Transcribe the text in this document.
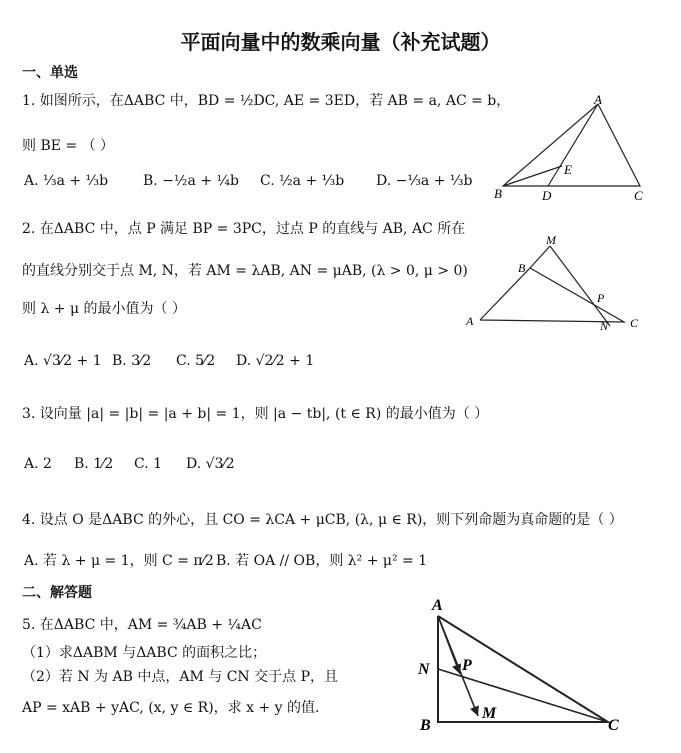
平面向量中的数乘向量（补充试题）
一、单选
1. 如图所示，在ΔABC 中，BD = ½DC, AE = 3ED，若 AB = a, AC = b，
则 BE = （ ）
A. ⅓a + ⅓b B. −½a + ¼b C. ½a + ⅓b D. −⅓a + ⅓b
A
B	D
E
C
2. 在ΔABC 中，点 P 满足 BP = 3PC，过点 P 的直线与 AB, AC 所在
的直线分别交于点 M, N，若 AM = λAB, AN = μAB, (λ > 0, μ > 0)
则 λ + μ 的最小值为（ ）
A. √3⁄2 + 1 B. 3⁄2 C. 5⁄2 D. √2⁄2 + 1
M
B
P
A	N C
3. 设向量 |a| = |b| = |a + b| = 1，则 |a − tb|, (t ∈ R) 的最小值为（ ）
A. 2 B. 1⁄2 C. 1 D. √3⁄2
4. 设点 O 是ΔABC 的外心，且 CO = λCA + μCB, (λ, μ ∈ R)，则下列命题为真命题的是（ ）
A. 若 λ + μ = 1，则 C = π⁄2 B. 若 OA // OB，则 λ² + μ² = 1
二、解答题
5. 在ΔABC 中，AM = ¾AB + ¼AC
（1）求ΔABM 与ΔABC 的面积之比；
（2）若 N 为 AB 中点，AM 与 CN 交于点 P，且
AP = xAB + yAC, (x, y ∈ R)，求 x + y 的值.
A
N P
M
B	C
